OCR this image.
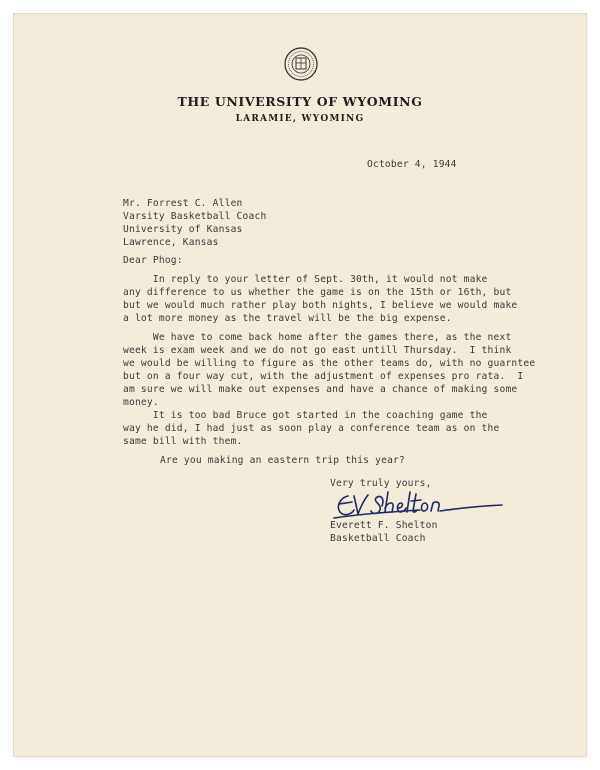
THE UNIVERSITY OF WYOMING
LARAMIE, WYOMING
October 4, 1944
Mr. Forrest C. Allen
Varsity Basketball Coach
University of Kansas
Lawrence, Kansas
Dear Phog:
In reply to your letter of Sept. 30th, it would not make
any difference to us whether the game is on the 15th or 16th, but
but we would much rather play both nights, I believe we would make
a lot more money as the travel will be the big expense.
We have to come back home after the games there, as the next
week is exam week and we do not go east untill Thursday.  I think
we would be willing to figure as the other teams do, with no guarntee
but on a four way cut, with the adjustment of expenses pro rata.  I
am sure we will make out expenses and have a chance of making some
money.
It is too bad Bruce got started in the coaching game the
way he did, I had just as soon play a conference team as on the
same bill with them.
Are you making an eastern trip this year?
Very truly yours,
Everett F. Shelton
Basketball Coach
